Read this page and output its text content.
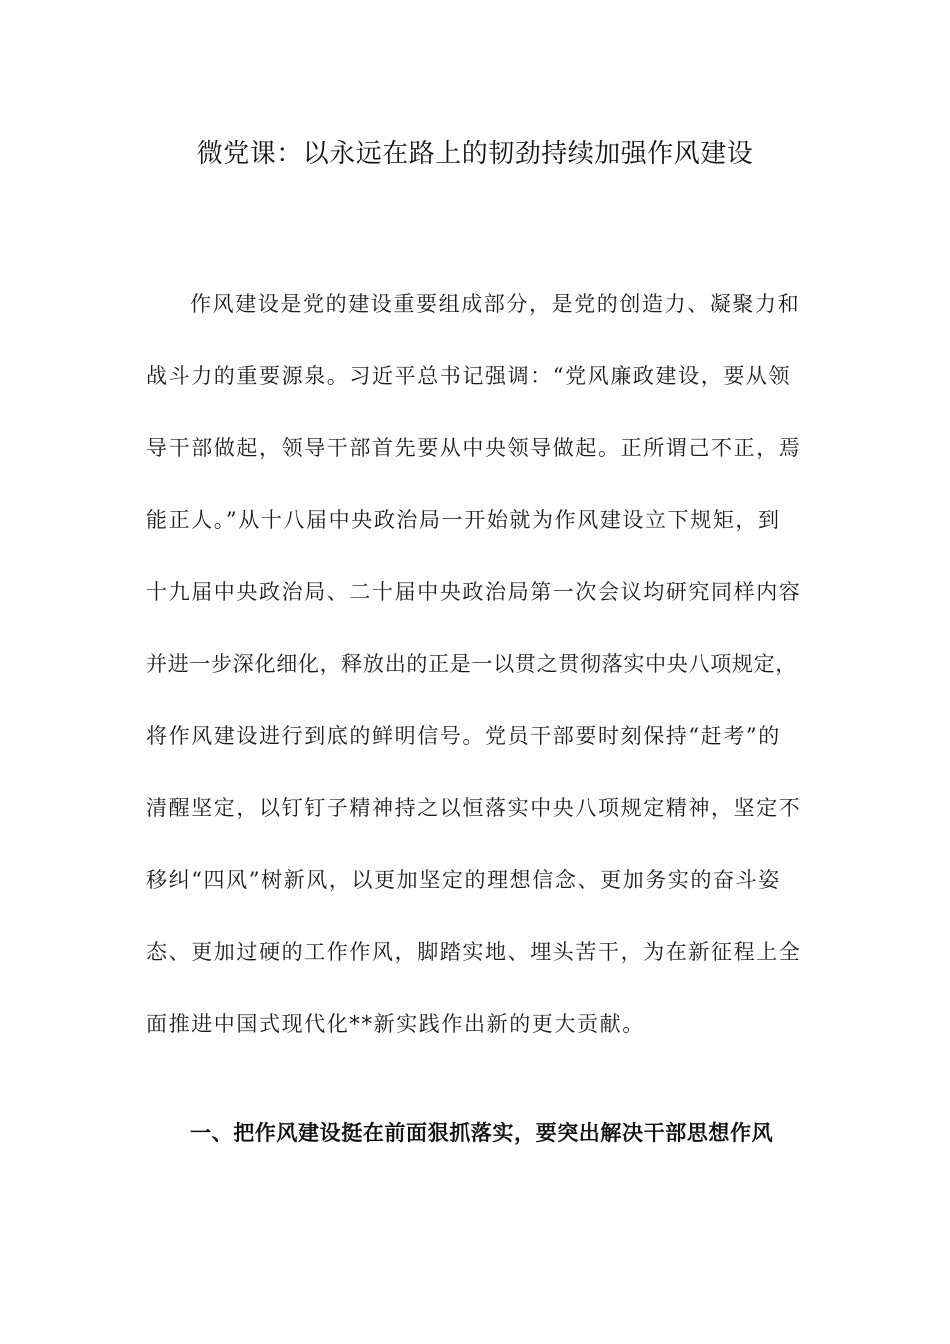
微党课：以永远在路上的韧劲持续加强作风建设
作风建设是党的建设重要组成部分，是党的创造力、凝聚力和
战斗力的重要源泉。习近平总书记强调：“党风廉政建设，要从领
导干部做起，领导干部首先要从中央领导做起。正所谓己不正，焉
能正人。”从十八届中央政治局一开始就为作风建设立下规矩，到
十九届中央政治局、二十届中央政治局第一次会议均研究同样内容
并进一步深化细化，释放出的正是一以贯之贯彻落实中央八项规定，
将作风建设进行到底的鲜明信号。党员干部要时刻保持“赶考”的
清醒坚定，以钉钉子精神持之以恒落实中央八项规定精神，坚定不
移纠“四风”树新风，以更加坚定的理想信念、更加务实的奋斗姿
态、更加过硬的工作作风，脚踏实地、埋头苦干，为在新征程上全
面推进中国式现代化**新实践作出新的更大贡献。
一、把作风建设挺在前面狠抓落实，要突出解决干部思想作风
